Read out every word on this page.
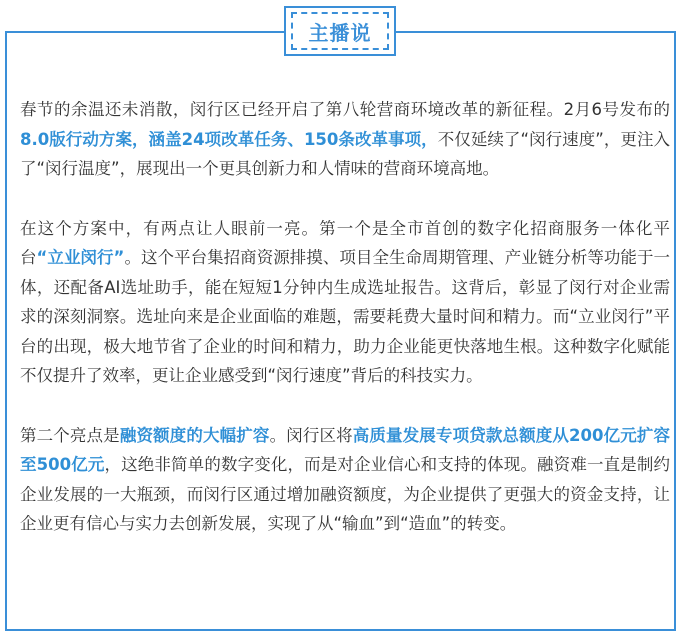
主播说

春节的余温还未消散，闵行区已经开启了第八轮营商环境改革的新征程。2月6号发布的8.0版行动方案，涵盖24项改革任务、150条改革事项，不仅延续了“闵行速度”，更注入了“闵行温度”，展现出一个更具创新力和人情味的营商环境高地。

在这个方案中，有两点让人眼前一亮。第一个是全市首创的数字化招商服务一体化平台“立业闵行”。这个平台集招商资源排摸、项目全生命周期管理、产业链分析等功能于一体，还配备AI选址助手，能在短短1分钟内生成选址报告。这背后，彰显了闵行对企业需求的深刻洞察。选址向来是企业面临的难题，需要耗费大量时间和精力。而“立业闵行”平台的出现，极大地节省了企业的时间和精力，助力企业能更快落地生根。这种数字化赋能不仅提升了效率，更让企业感受到“闵行速度”背后的科技实力。

第二个亮点是融资额度的大幅扩容。闵行区将高质量发展专项贷款总额度从200亿元扩容至500亿元，这绝非简单的数字变化，而是对企业信心和支持的体现。融资难一直是制约企业发展的一大瓶颈，而闵行区通过增加融资额度，为企业提供了更强大的资金支持，让企业更有信心与实力去创新发展，实现了从“输血”到“造血”的转变。
